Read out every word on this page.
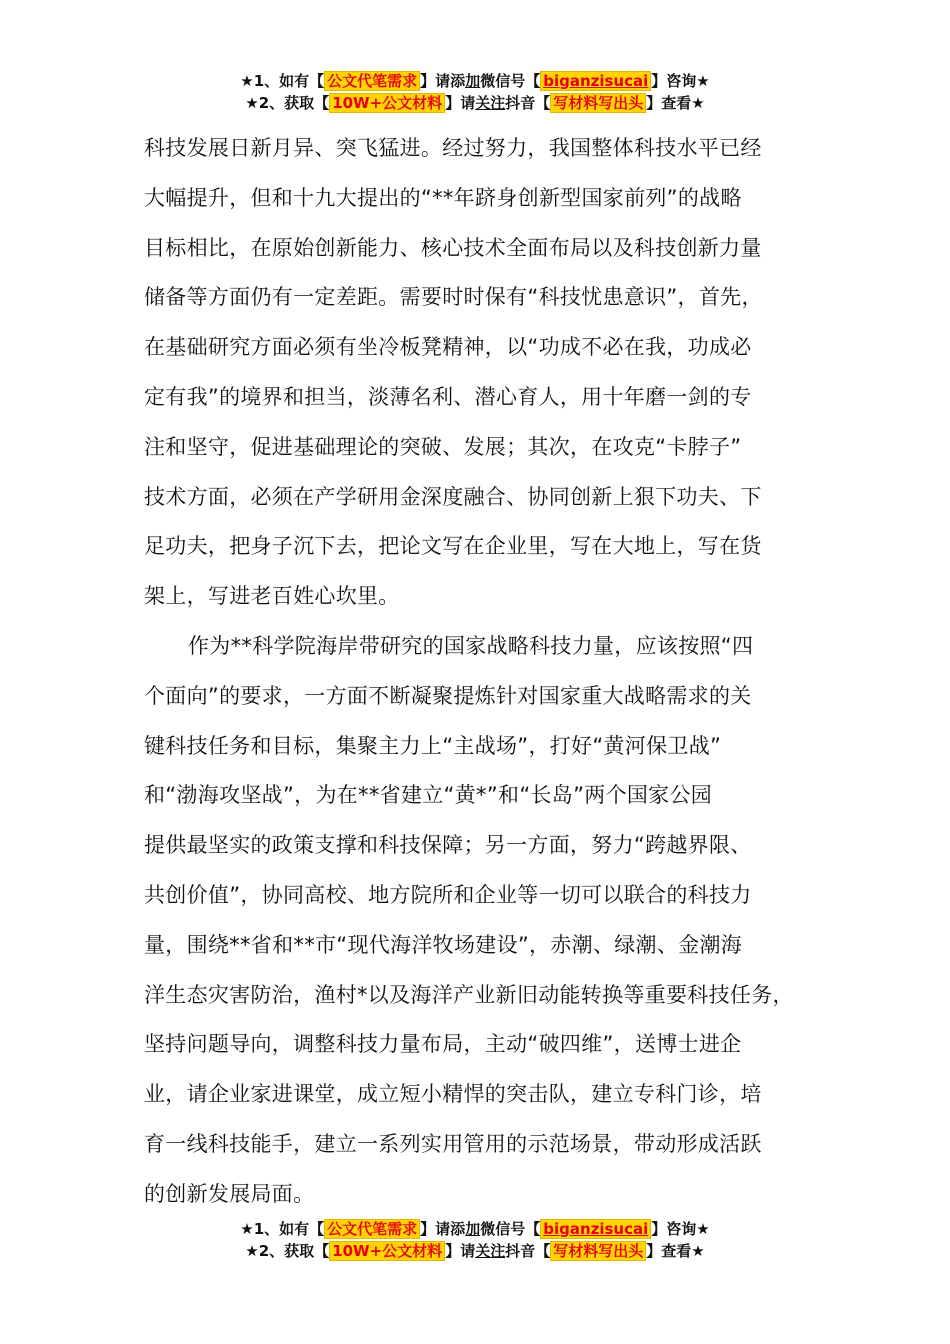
★1、如有【 公文代笔需求 】请添加微信号【 biganzisucai 】咨询★
★2、获取【 10W+公文材料 】请关注抖音【 写材料写出头 】查看★

科技发展日新月异、突飞猛进。经过努力，我国整体科技水平已经
大幅提升，但和十九大提出的“**年跻身创新型国家前列”的战略
目标相比，在原始创新能力、核心技术全面布局以及科技创新力量
储备等方面仍有一定差距。需要时时保有“科技忧患意识”，首先，
在基础研究方面必须有坐冷板凳精神，以“功成不必在我，功成必
定有我”的境界和担当，淡薄名利、潜心育人，用十年磨一剑的专
注和坚守，促进基础理论的突破、发展；其次，在攻克“卡脖子”
技术方面，必须在产学研用金深度融合、协同创新上狠下功夫、下
足功夫，把身子沉下去，把论文写在企业里，写在大地上，写在货
架上，写进老百姓心坎里。

作为**科学院海岸带研究的国家战略科技力量，应该按照“四
个面向”的要求，一方面不断凝聚提炼针对国家重大战略需求的关
键科技任务和目标，集聚主力上“主战场”，打好“黄河保卫战”
和“渤海攻坚战”，为在**省建立“黄*”和“长岛”两个国家公园
提供最坚实的政策支撑和科技保障；另一方面，努力“跨越界限、
共创价值”，协同高校、地方院所和企业等一切可以联合的科技力
量，围绕**省和**市“现代海洋牧场建设”，赤潮、绿潮、金潮海
洋生态灾害防治，渔村*以及海洋产业新旧动能转换等重要科技任务，
坚持问题导向，调整科技力量布局，主动“破四维”，送博士进企
业，请企业家进课堂，成立短小精悍的突击队，建立专科门诊，培
育一线科技能手，建立一系列实用管用的示范场景，带动形成活跃
的创新发展局面。

★1、如有【 公文代笔需求 】请添加微信号【 biganzisucai 】咨询★
★2、获取【 10W+公文材料 】请关注抖音【 写材料写出头 】查看★
